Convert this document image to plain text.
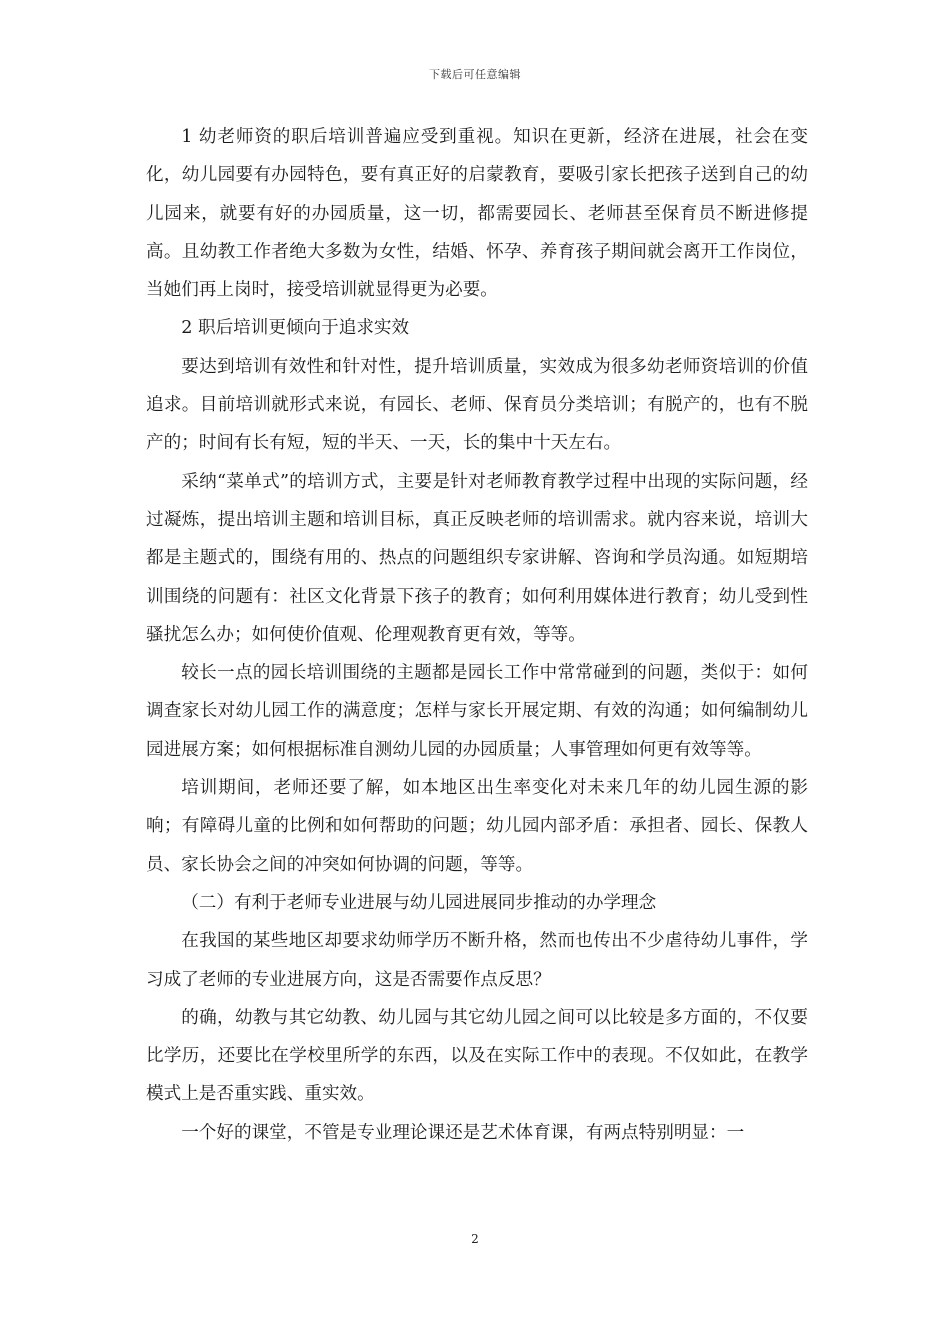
下载后可任意编辑

1 幼老师资的职后培训普遍应受到重视。知识在更新，经济在进展，社会在变化，幼儿园要有办园特色，要有真正好的启蒙教育，要吸引家长把孩子送到自己的幼儿园来，就要有好的办园质量，这一切，都需要园长、老师甚至保育员不断进修提高。且幼教工作者绝大多数为女性，结婚、怀孕、养育孩子期间就会离开工作岗位，当她们再上岗时，接受培训就显得更为必要。

2 职后培训更倾向于追求实效

要达到培训有效性和针对性，提升培训质量，实效成为很多幼老师资培训的价值追求。目前培训就形式来说，有园长、老师、保育员分类培训；有脱产的，也有不脱产的；时间有长有短，短的半天、一天，长的集中十天左右。

采纳“菜单式”的培训方式，主要是针对老师教育教学过程中出现的实际问题，经过凝炼，提出培训主题和培训目标，真正反映老师的培训需求。就内容来说，培训大都是主题式的，围绕有用的、热点的问题组织专家讲解、咨询和学员沟通。如短期培训围绕的问题有：社区文化背景下孩子的教育；如何利用媒体进行教育；幼儿受到性骚扰怎么办；如何使价值观、伦理观教育更有效，等等。

较长一点的园长培训围绕的主题都是园长工作中常常碰到的问题，类似于：如何调查家长对幼儿园工作的满意度；怎样与家长开展定期、有效的沟通；如何编制幼儿园进展方案；如何根据标准自测幼儿园的办园质量；人事管理如何更有效等等。

培训期间，老师还要了解，如本地区出生率变化对未来几年的幼儿园生源的影响；有障碍儿童的比例和如何帮助的问题；幼儿园内部矛盾：承担者、园长、保教人员、家长协会之间的冲突如何协调的问题，等等。

（二）有利于老师专业进展与幼儿园进展同步推动的办学理念

在我国的某些地区却要求幼师学历不断升格，然而也传出不少虐待幼儿事件，学习成了老师的专业进展方向，这是否需要作点反思？

的确，幼教与其它幼教、幼儿园与其它幼儿园之间可以比较是多方面的，不仅要比学历，还要比在学校里所学的东西，以及在实际工作中的表现。不仅如此，在教学模式上是否重实践、重实效。

一个好的课堂，不管是专业理论课还是艺术体育课，有两点特别明显：一

2
